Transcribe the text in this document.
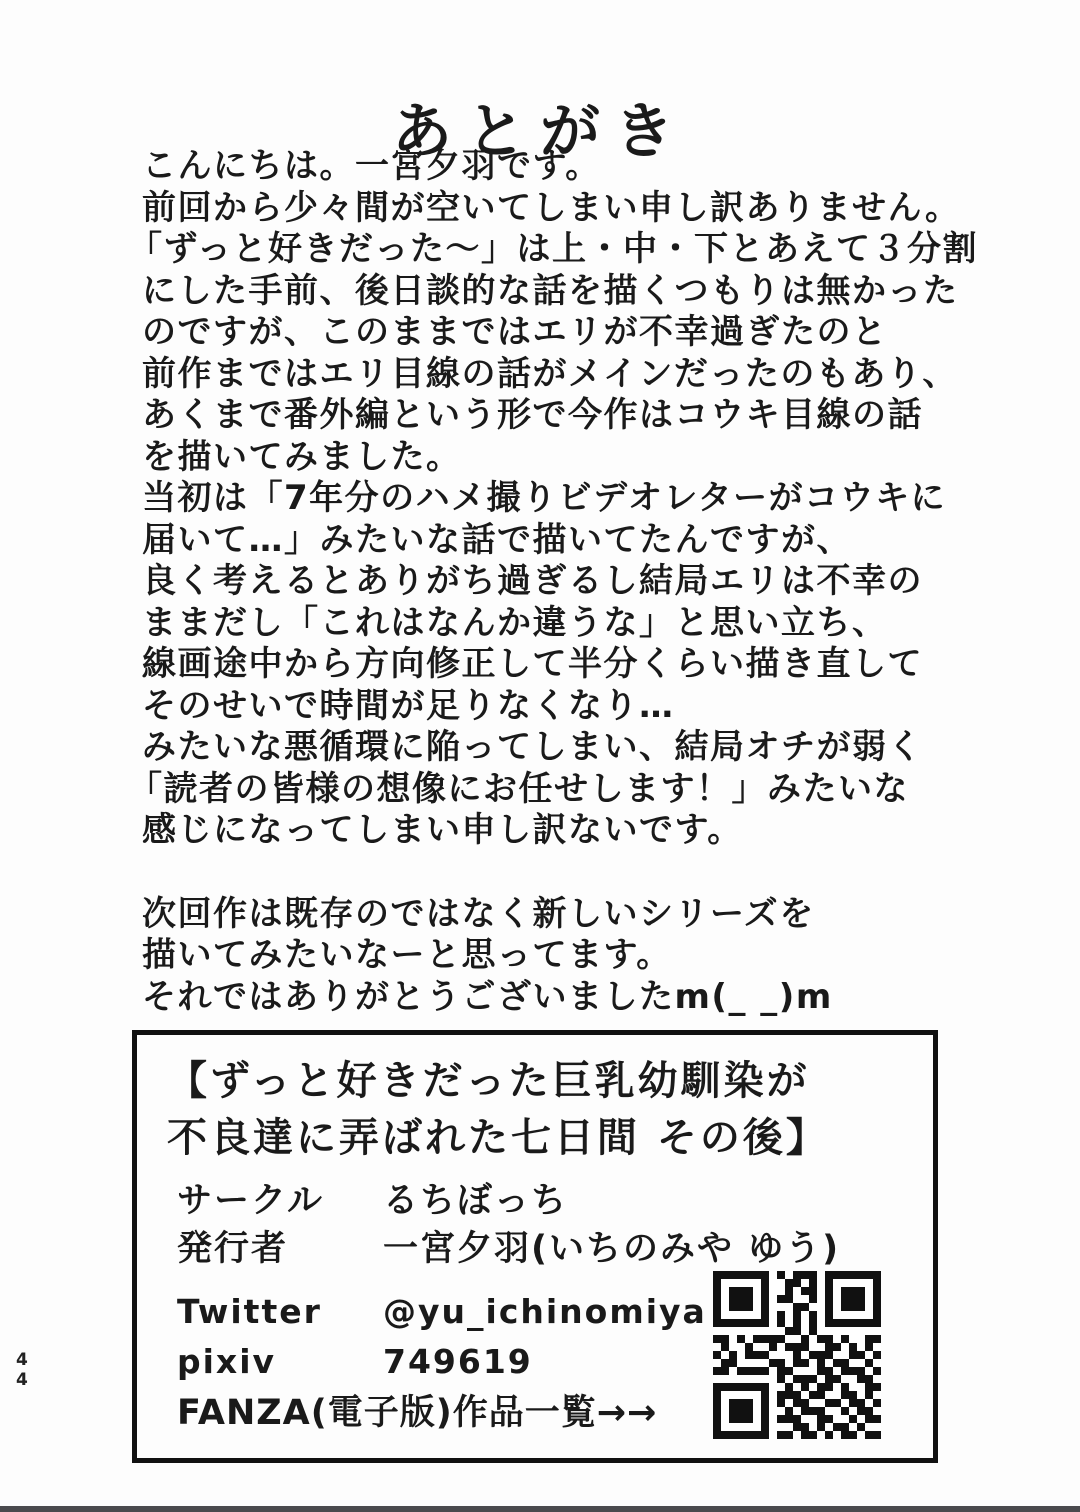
あとがき
こんにちは。一宮夕羽です。
前回から少々間が空いてしまい申し訳ありません。
「ずっと好きだった〜」は上・中・下とあえて３分割
にした手前、後日談的な話を描くつもりは無かった
のですが、このままではエリが不幸過ぎたのと
前作まではエリ目線の話がメインだったのもあり、
あくまで番外編という形で今作はコウキ目線の話
を描いてみました。
当初は「7年分のハメ撮りビデオレターがコウキに
届いて…」みたいな話で描いてたんですが、
良く考えるとありがち過ぎるし結局エリは不幸の
ままだし「これはなんか違うな」と思い立ち、
線画途中から方向修正して半分くらい描き直して
そのせいで時間が足りなくなり…
みたいな悪循環に陥ってしまい、結局オチが弱く
「読者の皆様の想像にお任せします！」みたいな
感じになってしまい申し訳ないです。
次回作は既存のではなく新しいシリーズを
描いてみたいなーと思ってます。
それではありがとうございましたm(_ _)m
【ずっと好きだった巨乳幼馴染が
不良達に弄ばれた七日間 その後】
サークル	るちぼっち
発行者	一宮夕羽(いちのみや ゆう)
Twitter	@yu_ichinomiya
pixiv	749619
FANZA(電子版)作品一覧→→
4
4
